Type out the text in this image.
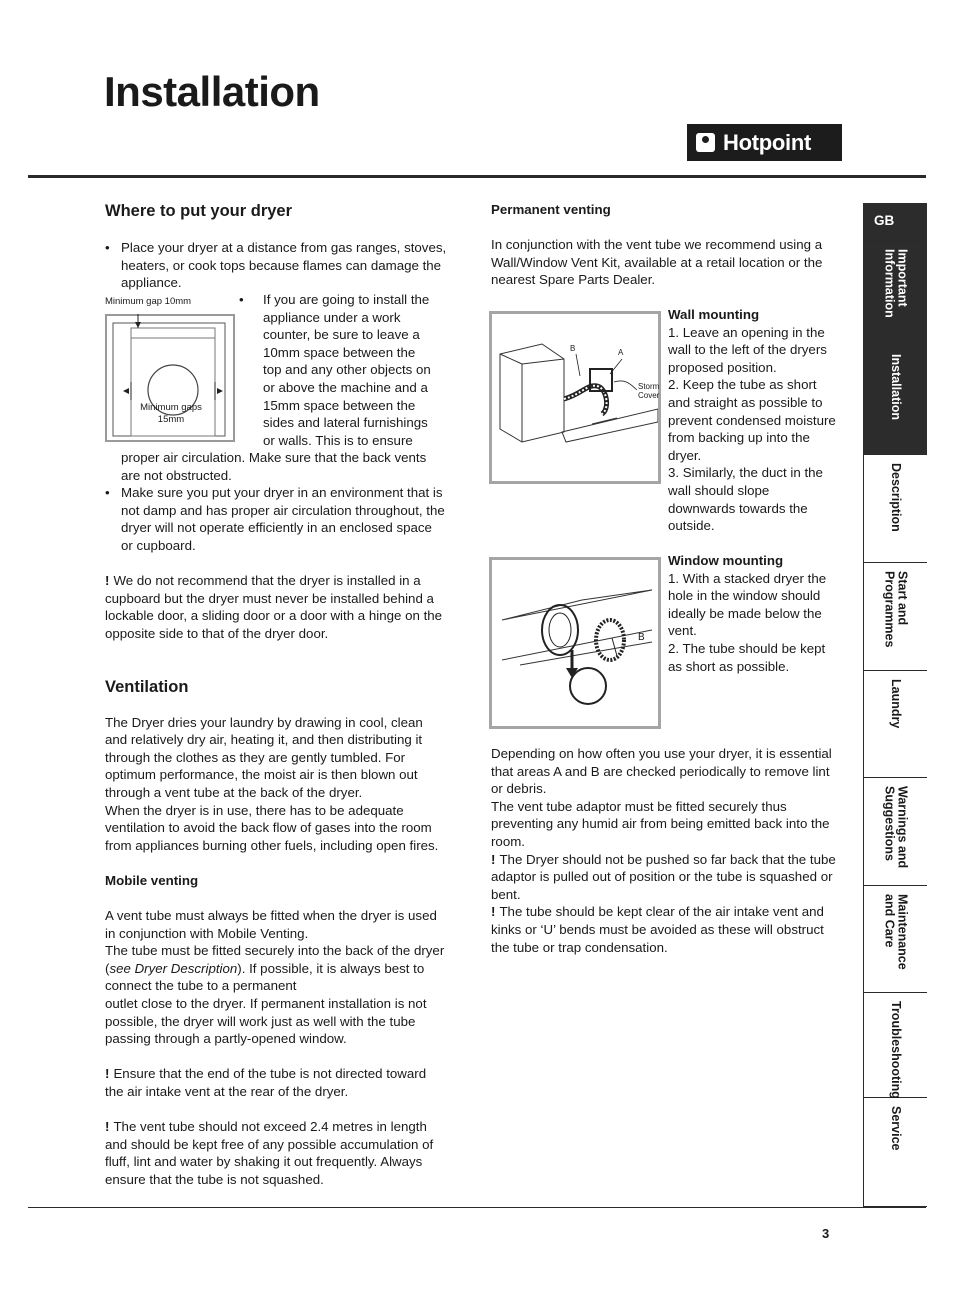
Installation
Hotpoint
Where to put your dryer

• Place your dryer at a distance from gas ranges, stoves, heaters, or cook tops because flames can damage the appliance.

Minimum gap 10mm
Minimum gaps
15mm
• If you are going to install the
appliance under a work
counter, be sure to leave a
10mm space between the
top and any other objects on
or above the machine and a
15mm space between the
sides and lateral furnishings
or walls. This is to ensure

proper air circulation. Make sure that the back vents are not obstructed.

• Make sure you put your dryer in an environment that is not damp and has proper air circulation throughout, the dryer will not operate efficiently in an enclosed space or cupboard.

! We do not recommend that the dryer is installed in a cupboard but the dryer must never be installed behind a lockable door, a sliding door or a door with a hinge on the opposite side to that of the dryer door.

Ventilation

The Dryer dries your laundry by drawing in cool, clean and relatively dry air, heating it, and then distributing it through the clothes as they are gently tumbled. For optimum performance, the moist air is then blown out through a vent tube at the back of the dryer.

When the dryer is in use, there has to be adequate ventilation to avoid the back flow of gases into the room from appliances burning other fuels, including open fires.

Mobile venting

A vent tube must always be fitted when the dryer is used in conjunction with Mobile Venting.

The tube must be fitted securely into the back of the dryer (see Dryer Description). If possible, it is always best to connect the tube to a permanent

outlet close to the dryer. If permanent installation is not possible, the dryer will work just as well with the tube passing through a partly-opened window.

! Ensure that the end of the tube is not directed toward the air intake vent at the rear of the dryer.

! The vent tube should not exceed 2.4 metres in length and should be kept free of any possible accumulation of fluff, lint and water by shaking it out frequently. Always ensure that the tube is not squashed.

Permanent venting

In conjunction with the vent tube we recommend using a Wall/Window Vent Kit, available at a retail location or the nearest Spare Parts Dealer.

B	A
Storm
Cover
Wall mounting

1. Leave an opening in the wall to the left of the dryers proposed position.
2. Keep the tube as short and straight as possible to prevent condensed moisture from backing up into the dryer.
3. Similarly, the duct in the wall should slope downwards towards the outside.

B
Window mounting

1. With a stacked dryer the hole in the window should ideally be made below the vent.
2. The tube should be kept as short as possible.

Depending on how often you use your dryer, it is essential that areas A and B are checked periodically to remove lint or debris.

The vent tube adaptor must be fitted securely thus preventing any humid air from being emitted back into the room.

! The Dryer should not be pushed so far back that the tube adaptor is pulled out of position or the tube is squashed or bent.

! The tube should be kept clear of the air intake vent and kinks or ‘U’ bends must be avoided as these will obstruct the tube or trap condensation.

GB
Important
Information
Installation
Description
Start and
Programmes
Laundry
Warnings and
Suggestions
Maintenance
and Care
Troubleshooting
Service
3
